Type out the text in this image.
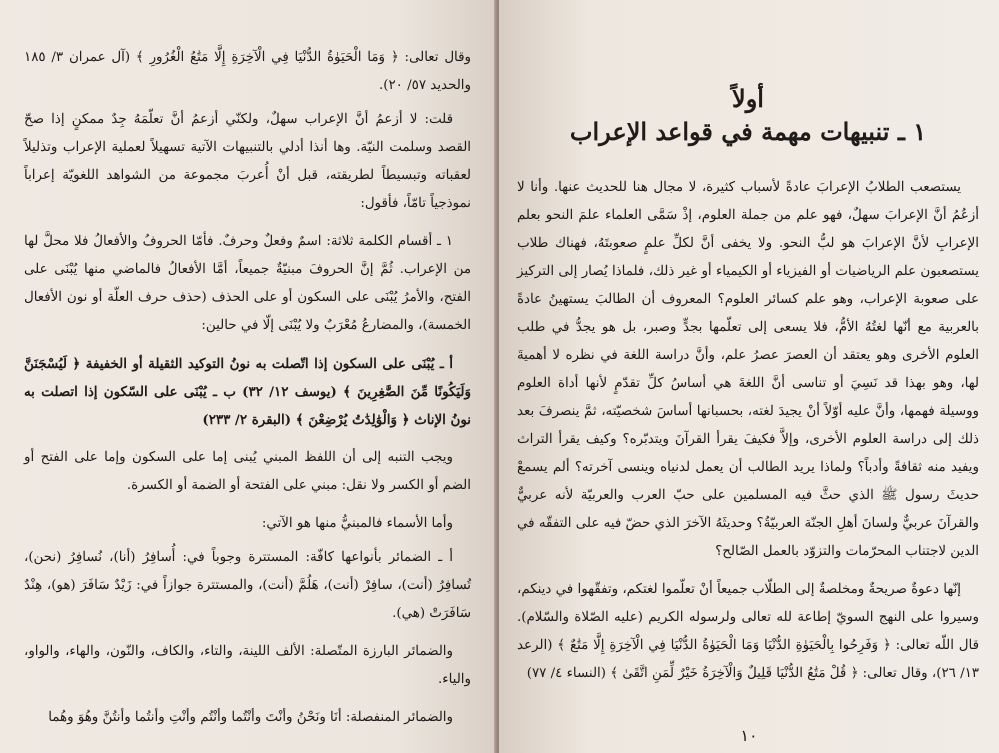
وقال تعالى: ﴿ وَمَا الْحَيَوٰةُ الدُّنْيَا فِي الْآخِرَةِ إِلَّا مَتَٰعُ الْغُرُورِ ﴾ (آل عمران ٣/ ١٨٥ والحديد ٥٧/ ٢٠).

قلت: لا أزعمُ أنَّ الإعراب سهلٌ، ولكنّي أزعمُ أنَّ تعلّمَهُ جِدٌ ممكنٍ إذا صحّ القصد وسلمت النيّة. وها أنذا أدلي بالتنبيهات الآتية تسهيلاً لعملية الإعراب وتذليلاً لعقباته وتبسيطاً لطريقته، قبل أنْ أُعربَ مجموعة من الشواهد اللغويّة إعراباً نموذجياً تامّاً، فأقول:

١ ـ أقسام الكلمة ثلاثة: اسمٌ وفعلٌ وحرفٌ. فأمّا الحروفُ والأفعالُ فلا محلَّ لها من الإعراب. ثُمَّ إنَّ الحروفَ مبنيّةٌ جميعاً، أمَّا الأفعالُ فالماضي منها يُبْنَى على الفتح، والأمرُ يُبْنَى على السكون أو على الحذف (حذف حرف العلّة أو نون الأفعال الخمسة)، والمضارعُ مُعْرَبٌ ولا يُبْنَى إلّا في حالين:

أ ـ يُبْنَى على السكون إذا اتّصلت به نونُ التوكيد الثقيلة أو الخفيفة ﴿ لَيُسْجَنَنَّ وَلَيَكُونًا مِّنَ الصَّٰغِرِينَ ﴾ (يوسف ١٢/ ٣٢) ب ـ يُبْنَى على السّكون إذا اتصلت به نونُ الإناث ﴿ وَالْوَٰلِدَٰتُ يُرْضِعْنَ ﴾ (البقرة ٢/ ٢٣٣)

ويجب التنبه إلى أن اللفظ المبني يُبنى إما على السكون وإما على الفتح أو الضم أو الكسر ولا نقل: مبني على الفتحة أو الضمة أو الكسرة.

وأما الأسماء فالمبنيُّ منها هو الآتي:

أ ـ الضمائر بأنواعها كافّة: المستترة وجوباً في: أُسافِرُ (أنا)، نُسافِرُ (نحن)، تُسافِرُ (أنت)، سافِرْ (أنت)، هَلُمَّ (أنت)، والمستترة جوازاً في: زَيْدٌ سَافَرَ (هو)، هِنْدٌ سَافَرَتْ (هي).

والضمائر البارزة المتّصلة: الألف اللينة، والتاء، والكاف، والنّون، والهاء، والواو، والياء.

والضمائر المنفصلة: أنَا ونَحْنُ وأنْتَ وأنْتُما وأنْتُم وأنْتِ وأنتُما وأنتُنَّ وهُوَ وهُما

أولاً
١ ـ تنبيهات مهمة في قواعد الإعراب

يستصعب الطلابُ الإعرابَ عادةً لأسباب كثيرة، لا مجال هنا للحديث عنها. وأنا لا أزعُمُ أنَّ الإعرابَ سهلٌ، فهو علم من جملة العلوم، إذْ سَمَّى العلماء علمَ النحو بعلم الإعرابِ لأنَّ الإعرابَ هو لبُّ النحو. ولا يخفى أنَّ لكلِّ علمٍ صعوبتَهُ، فهناك طلاب يستصعبون علم الرياضيات أو الفيزياء أو الكيمياء أو غير ذلك، فلماذا يُصار إلى التركيز على صعوبة الإعراب، وهو علم كسائر العلوم؟ المعروف أن الطالبَ يستهينُ عادةً بالعربية مع أنّها لغتُهُ الأمُّ، فلا يسعى إلى تعلّمها بجدٍّ وصبر، بل هو يجدُّ في طلب العلوم الأخرى وهو يعتقد أن العصرَ عصرُ علم، وأنَّ دراسة اللغة في نظره لا أهميةَ لها، وهو بهذا قد نَسِيَ أو تناسى أنَّ اللغةَ هي أساسُ كلِّ تقدّمٍ لأنها أداة العلوم ووسيلة فهمها، وأنَّ عليه أوّلاً أنْ يجيدَ لغته، بحسبانها أساسَ شخصيّته، ثمَّ ينصرفَ بعد ذلك إلى دراسة العلوم الأخرى، وإلاَّ فكيفَ يقرأ القرآنَ ويتدبّره؟ وكيف يقرأ التراث ويفيد منه ثقافةً وأدباً؟ ولماذا يريد الطالب أن يعمل لدنياه وينسى آخرته؟ ألم يسمعْ حديثَ رسول ﷺ الذي حثَّ فيه المسلمين على حبّ العرب والعربيّة لأنه عربيٌّ والقرآنَ عربيٌّ ولسانَ أهلِ الجنّة العربيّةُ؟ وحديثَهُ الآخرَ الذي حضّ فيه على التفقّه في الدين لاجتناب المحرّمات والتزوّد بالعمل الصّالح؟

إنّها دعوةٌ صريحةٌ ومخلصةٌ إلى الطلّاب جميعاً أنْ تعلّموا لغتكم، وتفقّهوا في دينكم، وسيروا على النهج السويّ إطاعة لله تعالى ولرسوله الكريم (عليه الصّلاة والسّلام). قال اللّه تعالى: ﴿ وَفَرِحُوا بِالْحَيَوٰةِ الدُّنْيَا وَمَا الْحَيَوٰةُ الدُّنْيَا فِي الْآخِرَةِ إِلَّا مَتَٰعٌ ﴾ (الرعد ١٣/ ٢٦)، وقال تعالى: ﴿ قُلْ مَتَٰعُ الدُّنْيَا قَلِيلٌ وَالْآخِرَةُ خَيْرٌ لِّمَنِ اتَّقَىٰ ﴾ (النساء ٤/ ٧٧)

١٠
